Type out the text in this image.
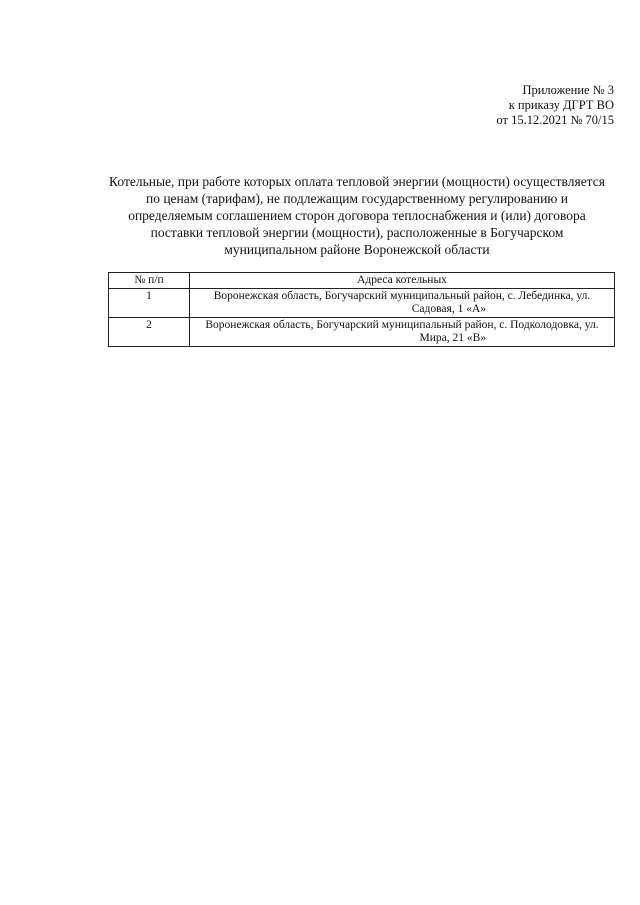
Приложение № 3
к приказу ДГРТ ВО
от 15.12.2021 № 70/15
Котельные, при работе которых оплата тепловой энергии (мощности) осуществляется
по ценам (тарифам), не подлежащим государственному регулированию и
определяемым соглашением сторон договора теплоснабжения и (или) договора
поставки тепловой энергии (мощности), расположенные в Богучарском
муниципальном районе Воронежской области
№ п/п	Адреса котельных
1	Воронежская область, Богучарский муниципальный район, с. Лебединка, ул.
Садовая, 1 «А»

2	Воронежская область, Богучарский муниципальный район, с. Подколодовка, ул.
Мира, 21 «В»
